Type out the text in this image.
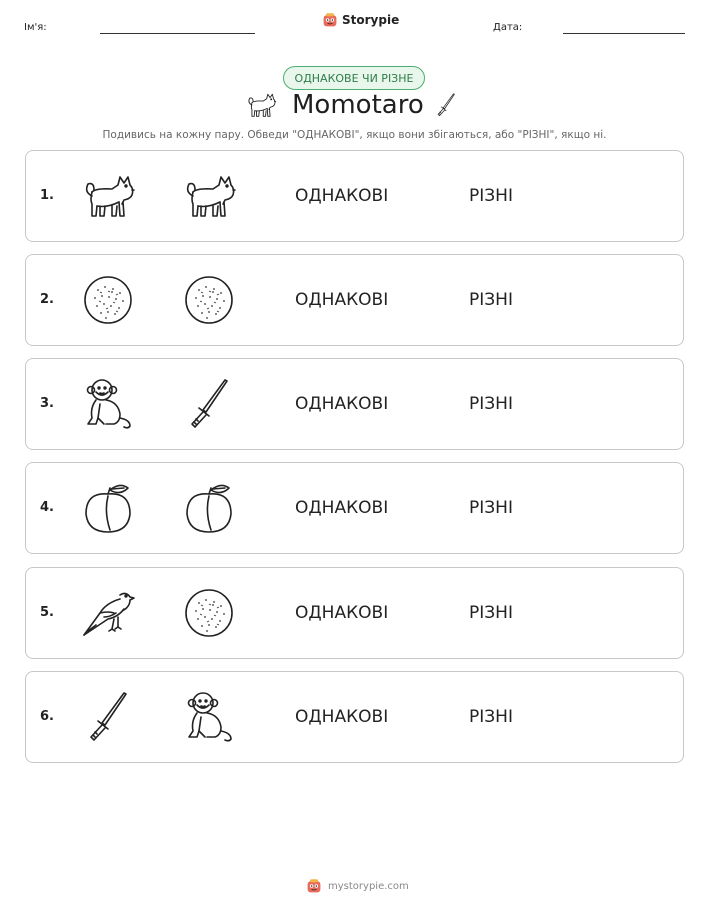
Ім'я:
Storypie
Дата:
ОДНАКОВЕ ЧИ РІЗНЕ
Momotaro
Подивись на кожну пару. Обведи "ОДНАКОВІ", якщо вони збігаються, або "РІЗНІ", якщо ні.
1.	ОДНАКОВІ	РІЗНІ
2.	ОДНАКОВІ	РІЗНІ
3.	ОДНАКОВІ	РІЗНІ
4.	ОДНАКОВІ	РІЗНІ
5.	ОДНАКОВІ	РІЗНІ
6.	ОДНАКОВІ	РІЗНІ
mystorypie.com
